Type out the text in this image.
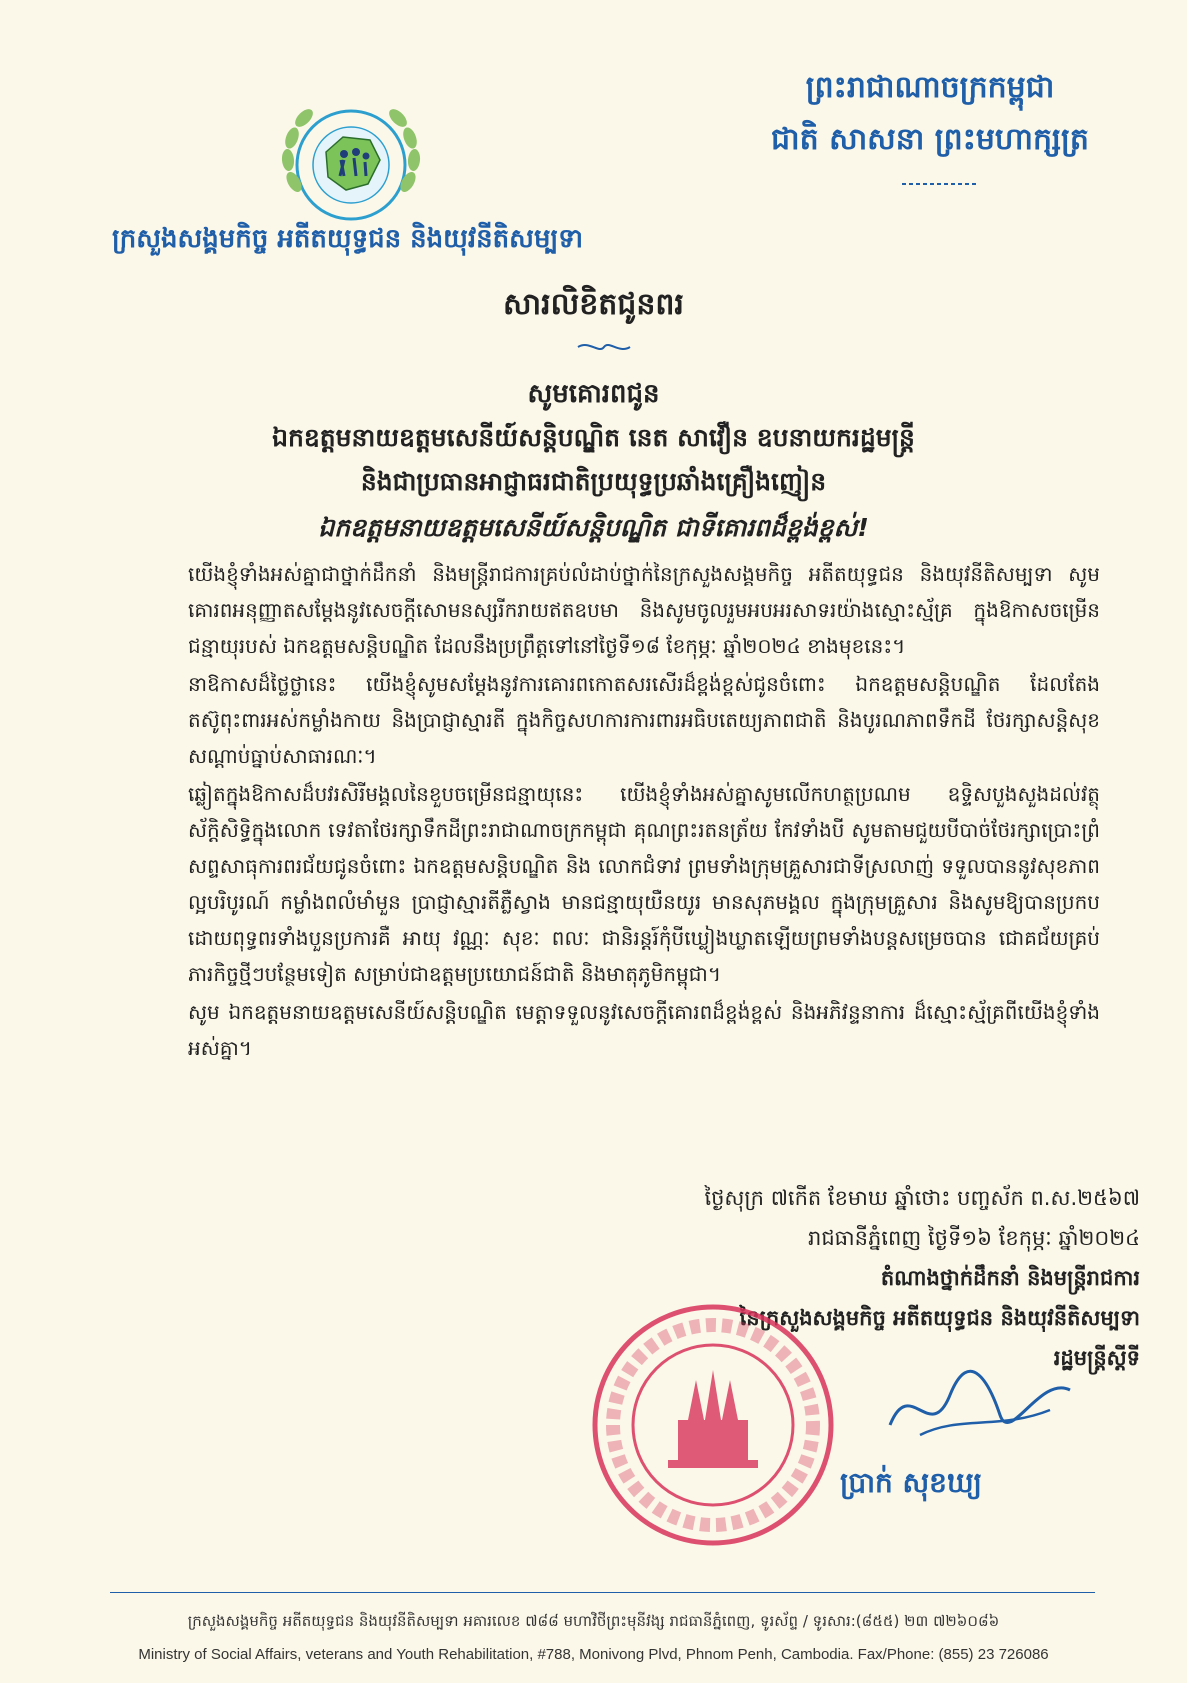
ព្រះរាជាណាចក្រកម្ពុជា
ជាតិ សាសនា ព្រះមហាក្សត្រ
ក្រសួងសង្គមកិច្ច អតីតយុទ្ធជន និងយុវនីតិសម្បទា
សារលិខិតជូនពរ
សូមគោរពជូន
ឯកឧត្តមនាយឧត្តមសេនីយ៍សន្តិបណ្ឌិត នេត សាវឿន ឧបនាយករដ្ឋមន្រ្តី
និងជាប្រធានអាជ្ញាធរជាតិប្រយុទ្ធប្រឆាំងគ្រឿងញៀន
ឯកឧត្តមនាយឧត្តមសេនីយ៍សន្តិបណ្ឌិត ជាទីគោរពដ៏ខ្ពង់ខ្ពស់!

យើងខ្ញុំទាំងអស់គ្នាជាថ្នាក់ដឹកនាំ និងមន្ត្រីរាជការគ្រប់លំដាប់ថ្នាក់នៃក្រសួងសង្គមកិច្ច អតីតយុទ្ធជន និងយុវនីតិសម្បទា សូមគោរពអនុញ្ញាតសម្តែងនូវសេចក្តីសោមនស្សរីករាយឥតឧបមា និងសូមចូលរួមអបអរសាទរយ៉ាងស្មោះស្ម័គ្រ ក្នុងឱកាសចម្រើនជន្មាយុរបស់ ឯកឧត្តមសន្តិបណ្ឌិត ដែលនឹងប្រព្រឹត្តទៅនៅថ្ងៃទី១៨ ខែកុម្ភៈ ឆ្នាំ២០២៤ ខាងមុខនេះ។

នាឱកាសដ៏ថ្លៃថ្លានេះ យើងខ្ញុំសូមសម្តែងនូវការគោរពកោតសរសើរដ៏ខ្ពង់ខ្ពស់ជូនចំពោះ ឯកឧត្តមសន្តិបណ្ឌិត ដែលតែងតស៊ូពុះពារអស់កម្លាំងកាយ និងប្រាជ្ញាស្មារតី ក្នុងកិច្ចសហការការពារអធិបតេយ្យភាពជាតិ និងបូរណភាពទឹកដី ថែរក្សាសន្តិសុខ សណ្តាប់ធ្នាប់សាធារណៈ។

ឆ្លៀតក្នុងឱកាសដ៏បវរសិរីមង្គលនៃខួបចម្រើនជន្មាយុនេះ យើងខ្ញុំទាំងអស់គ្នាសូមលើកហត្ថប្រណម ឧទ្ទិសបួងសួងដល់វត្ថុស័ក្តិសិទ្ធិក្នុងលោក ទេវតាថែរក្សាទឹកដីព្រះរាជាណាចក្រកម្ពុជា គុណព្រះរតនត្រ័យ កែវទាំងបី សូមតាមជួយបីបាច់ថែរក្សាប្រោះព្រំសព្ទសាធុការពរជ័យជូនចំពោះ ឯកឧត្តមសន្តិបណ្ឌិត និង លោកជំទាវ ព្រមទាំងក្រុមគ្រួសារជាទីស្រលាញ់ ទទួលបាននូវសុខភាពល្អបរិបូរណ៍ កម្លាំងពលំមាំមួន ប្រាជ្ញាស្មារតីភ្លឺស្វាង មានជន្មាយុយឺនយូរ មានសុភមង្គល ក្នុងក្រុមគ្រួសារ និងសូមឱ្យបានប្រកបដោយពុទ្ធពរទាំងបួនប្រការគឺ អាយុ វណ្ណៈ សុខៈ ពលៈ ជានិរន្តរ៍កុំបីឃ្លៀងឃ្លាតឡើយព្រមទាំងបន្តសម្រេចបាន ជោគជ័យគ្រប់ភារកិច្ចថ្មីៗបន្ថែមទៀត សម្រាប់ជាឧត្តមប្រយោជន៍ជាតិ និងមាតុភូមិកម្ពុជា។

សូម ឯកឧត្តមនាយឧត្តមសេនីយ៍សន្តិបណ្ឌិត មេត្តាទទួលនូវសេចក្តីគោរពដ៏ខ្ពង់ខ្ពស់ និងអភិវន្ទនាការ ដ៏ស្មោះស្ម័គ្រពីយើងខ្ញុំទាំងអស់គ្នា។

ថ្ងៃសុក្រ ៧កើត ខែមាឃ ឆ្នាំថោះ បញ្ចស័ក ព.ស.២៥៦៧
រាជធានីភ្នំពេញ ថ្ងៃទី១៦ ខែកុម្ភៈ ឆ្នាំ២០២៤
តំណាងថ្នាក់ដឹកនាំ និងមន្ត្រីរាជការ
នៃក្រសួងសង្គមកិច្ច អតីតយុទ្ធជន និងយុវនីតិសម្បទា
រដ្ឋមន្ត្រីស្តីទី
ប្រាក់ សុខឃ្យ
ក្រសួងសង្គមកិច្ច អតីតយុទ្ធជន និងយុវនីតិសម្បទា អគារលេខ ៧៨៨ មហាវិថីព្រះមុនីវង្ស រាជធានីភ្នំពេញ, ទូរស័ព្ទ / ទូរសារ:(៨៥៥) ២៣ ៧២៦០៨៦
Ministry of Social Affairs, veterans and Youth Rehabilitation, #788, Monivong Plvd, Phnom Penh, Cambodia. Fax/Phone: (855) 23 726086
